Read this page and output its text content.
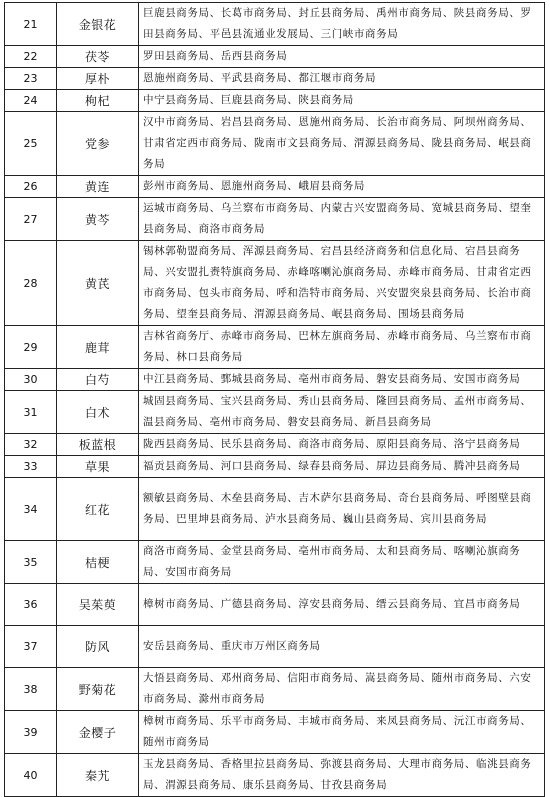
21	金银花	巨鹿县商务局、长葛市商务局、封丘县商务局、禹州市商务局、陕县商务局、罗田县商务局、平邑县流通业发展局、三门峡市商务局
22	茯苓	罗田县商务局、岳西县商务局
23	厚朴	恩施州商务局、平武县商务局、都江堰市商务局
24	枸杞	中宁县商务局、巨鹿县商务局、陕县商务局
25	党参	汉中市商务局、岩昌县商务局、恩施州商务局、长治市商务局、阿坝州商务局、甘肃省定西市商务局、陇南市文县商务局、渭源县商务局、陇县商务局、岷县商务局
26	黄连	彭州市商务局、恩施州商务局、峨眉县商务局
27	黄芩	运城市商务局、乌兰察布市商务局、内蒙古兴安盟商务局、宽城县商务局、望奎县商务局、商洛市商务局
28	黄芪	锡林郭勒盟商务局、浑源县商务局、宕昌县经济商务和信息化局、宕昌县商务局、兴安盟扎赉特旗商务局、赤峰喀喇沁旗商务局、赤峰市商务局、甘肃省定西市商务局、包头市商务局、呼和浩特市商务局、兴安盟突泉县商务局、长治市商务局、望奎县商务局、渭源县商务局、岷县商务局、围场县商务局
29	鹿茸	吉林省商务厅、赤峰市商务局、巴林左旗商务局、赤峰市商务局、乌兰察布市商务局、林口县商务局
30	白芍	中江县商务局、鄄城县商务局、亳州市商务局、磐安县商务局、安国市商务局
31	白术	城固县商务局、宝兴县商务局、秀山县商务局、隆回县商务局、孟州市商务局、温县商务局、亳州市商务局、磐安县商务局、新昌县商务局
32	板蓝根	陇西县商务局、民乐县商务局、商洛市商务局、原阳县商务局、洛宁县商务局
33	草果	福贡县商务局、河口县商务局、绿春县商务局、屏边县商务局、腾冲县商务局
34	红花	额敏县商务局、木垒县商务局、吉木萨尔县商务局、奇台县商务局、呼图壁县商务局、巴里坤县商务局、泸水县商务局、巍山县商务局、宾川县商务局
35	桔梗	商洛市商务局、金堂县商务局、亳州市商务局、太和县商务局、喀喇沁旗商务局、安国市商务局
36	吴茱萸	樟树市商务局、广德县商务局、淳安县商务局、缙云县商务局、宜昌市商务局
37	防风	安岳县商务局、重庆市万州区商务局
38	野菊花	大悟县商务局、邓州商务局、信阳市商务局、嵩县商务局、随州市商务局、六安市商务局、滁州市商务局
39	金樱子	樟树市商务局、乐平市商务局、丰城市商务局、来凤县商务局、沅江市商务局、随州市商务局
40	秦艽	玉龙县商务局、香格里拉县商务局、弥渡县商务局、大理市商务局、临洮县商务局、渭源县商务局、康乐县商务局、甘孜县商务局
